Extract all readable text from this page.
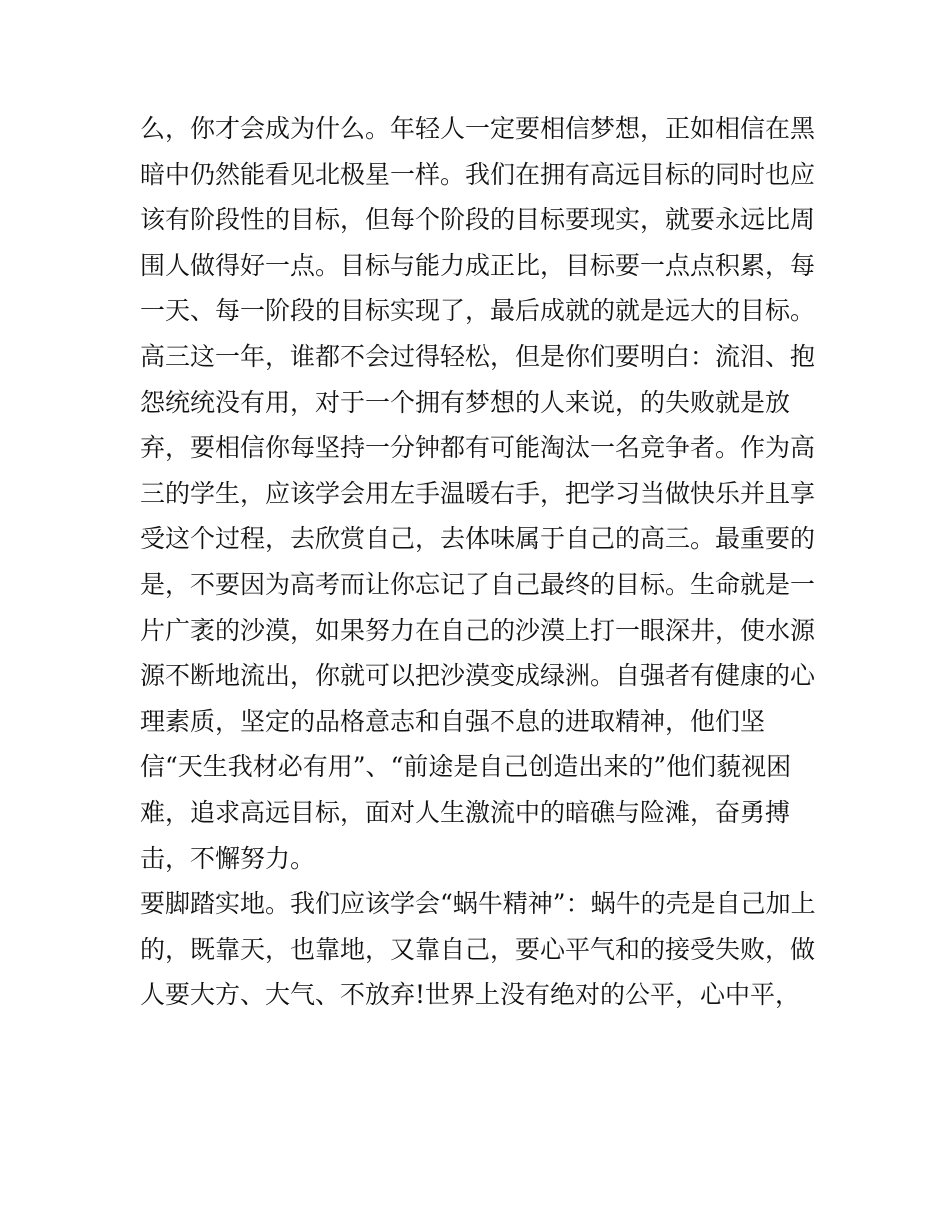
么，你才会成为什么。年轻人一定要相信梦想，正如相信在黑
暗中仍然能看见北极星一样。我们在拥有高远目标的同时也应
该有阶段性的目标，但每个阶段的目标要现实，就要永远比周
围人做得好一点。目标与能力成正比，目标要一点点积累，每
一天、每一阶段的目标实现了，最后成就的就是远大的目标。
高三这一年，谁都不会过得轻松，但是你们要明白：流泪、抱
怨统统没有用，对于一个拥有梦想的人来说，的失败就是放
弃，要相信你每坚持一分钟都有可能淘汰一名竞争者。作为高
三的学生，应该学会用左手温暖右手，把学习当做快乐并且享
受这个过程，去欣赏自己，去体味属于自己的高三。最重要的
是，不要因为高考而让你忘记了自己最终的目标。生命就是一
片广袤的沙漠，如果努力在自己的沙漠上打一眼深井，使水源
源不断地流出，你就可以把沙漠变成绿洲。自强者有健康的心
理素质，坚定的品格意志和自强不息的进取精神，他们坚
信“天生我材必有用”、“前途是自己创造出来的”他们藐视困
难，追求高远目标，面对人生激流中的暗礁与险滩，奋勇搏
击，不懈努力。
要脚踏实地。我们应该学会“蜗牛精神”：蜗牛的壳是自己加上
的，既靠天，也靠地，又靠自己，要心平气和的接受失败，做
人要大方、大气、不放弃!世界上没有绝对的公平，心中平，
